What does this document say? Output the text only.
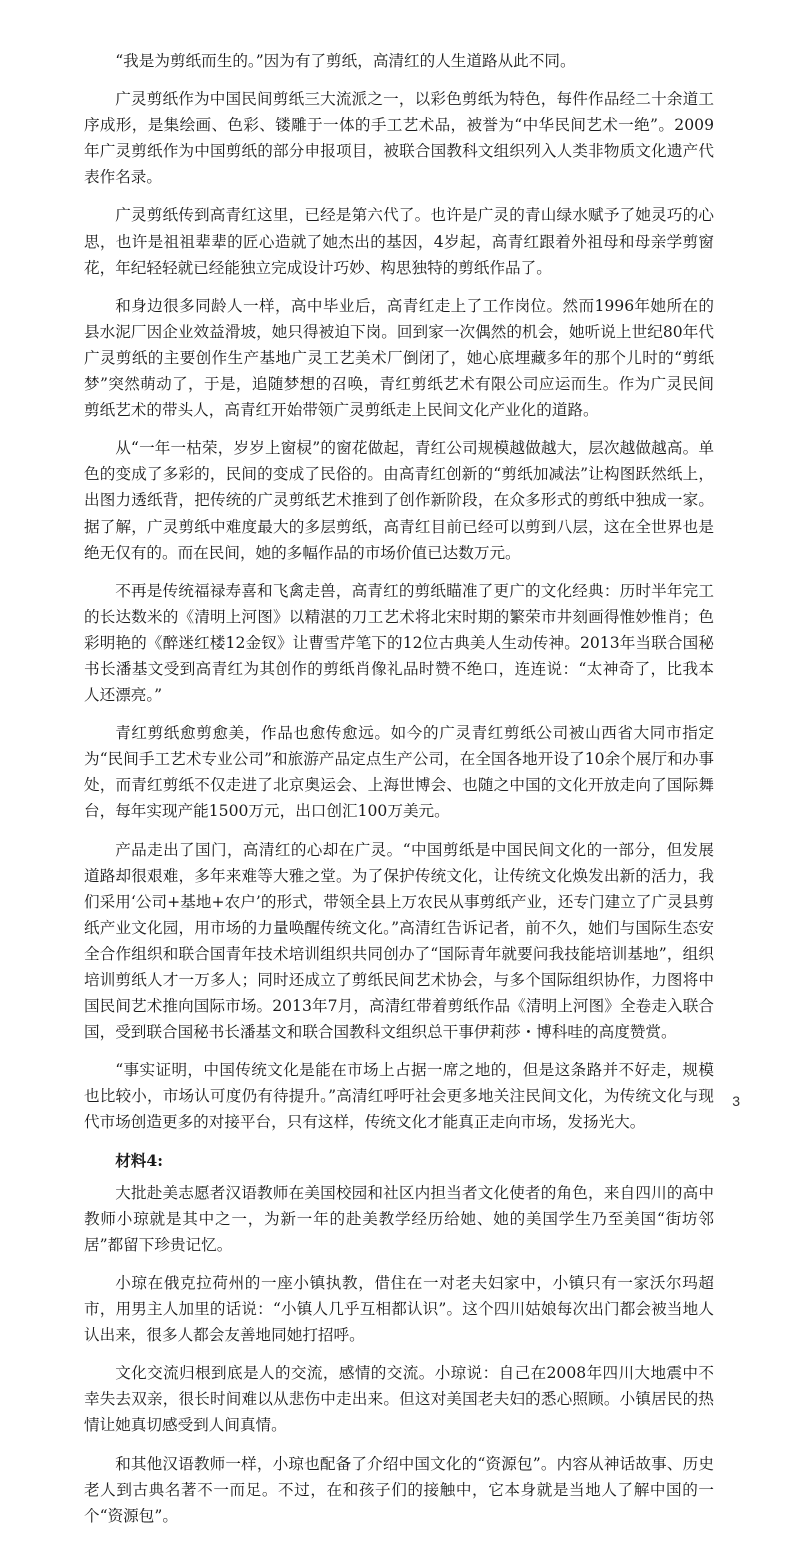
“我是为剪纸而生的。”因为有了剪纸，高清红的人生道路从此不同。

广灵剪纸作为中国民间剪纸三大流派之一，以彩色剪纸为特色，每件作品经二十余道工序成形，是集绘画、色彩、镂雕于一体的手工艺术品，被誉为“中华民间艺术一绝”。2009年广灵剪纸作为中国剪纸的部分申报项目，被联合国教科文组织列入人类非物质文化遗产代表作名录。

广灵剪纸传到高青红这里，已经是第六代了。也许是广灵的青山绿水赋予了她灵巧的心思，也许是祖祖辈辈的匠心造就了她杰出的基因，4岁起，高青红跟着外祖母和母亲学剪窗花，年纪轻轻就已经能独立完成设计巧妙、构思独特的剪纸作品了。

和身边很多同龄人一样，高中毕业后，高青红走上了工作岗位。然而1996年她所在的县水泥厂因企业效益滑坡，她只得被迫下岗。回到家一次偶然的机会，她听说上世纪80年代广灵剪纸的主要创作生产基地广灵工艺美术厂倒闭了，她心底埋藏多年的那个儿时的“剪纸梦”突然萌动了，于是，追随梦想的召唤，青红剪纸艺术有限公司应运而生。作为广灵民间剪纸艺术的带头人，高青红开始带领广灵剪纸走上民间文化产业化的道路。

从“一年一枯荣，岁岁上窗棂”的窗花做起，青红公司规模越做越大，层次越做越高。单色的变成了多彩的，民间的变成了民俗的。由高青红创新的“剪纸加减法”让构图跃然纸上，出图力透纸背，把传统的广灵剪纸艺术推到了创作新阶段，在众多形式的剪纸中独成一家。据了解，广灵剪纸中难度最大的多层剪纸，高青红目前已经可以剪到八层，这在全世界也是绝无仅有的。而在民间，她的多幅作品的市场价值已达数万元。

不再是传统福禄寿喜和飞禽走兽，高青红的剪纸瞄准了更广的文化经典：历时半年完工的长达数米的《清明上河图》以精湛的刀工艺术将北宋时期的繁荣市井刻画得惟妙惟肖；色彩明艳的《醉迷红楼12金钗》让曹雪芹笔下的12位古典美人生动传神。2013年当联合国秘书长潘基文受到高青红为其创作的剪纸肖像礼品时赞不绝口，连连说：“太神奇了，比我本人还漂亮。”

青红剪纸愈剪愈美，作品也愈传愈远。如今的广灵青红剪纸公司被山西省大同市指定为“民间手工艺术专业公司”和旅游产品定点生产公司，在全国各地开设了10余个展厅和办事处，而青红剪纸不仅走进了北京奥运会、上海世博会、也随之中国的文化开放走向了国际舞台，每年实现产能1500万元，出口创汇100万美元。

产品走出了国门，高清红的心却在广灵。“中国剪纸是中国民间文化的一部分，但发展道路却很艰难，多年来难等大雅之堂。为了保护传统文化，让传统文化焕发出新的活力，我们采用‘公司+基地+农户’的形式，带领全县上万农民从事剪纸产业，还专门建立了广灵县剪纸产业文化园，用市场的力量唤醒传统文化。”高清红告诉记者，前不久，她们与国际生态安全合作组织和联合国青年技术培训组织共同创办了“国际青年就要问我技能培训基地”，组织培训剪纸人才一万多人；同时还成立了剪纸民间艺术协会，与多个国际组织协作，力图将中国民间艺术推向国际市场。2013年7月，高清红带着剪纸作品《清明上河图》全卷走入联合国，受到联合国秘书长潘基文和联合国教科文组织总干事伊莉莎・博科哇的高度赞赏。

“事实证明，中国传统文化是能在市场上占据一席之地的，但是这条路并不好走，规模也比较小，市场认可度仍有待提升。”高清红呼吁社会更多地关注民间文化，为传统文化与现代市场创造更多的对接平台，只有这样，传统文化才能真正走向市场，发扬光大。

材料4:

大批赴美志愿者汉语教师在美国校园和社区内担当者文化使者的角色，来自四川的高中教师小琼就是其中之一，为新一年的赴美教学经历给她、她的美国学生乃至美国“街坊邻居”都留下珍贵记忆。

小琼在俄克拉荷州的一座小镇执教，借住在一对老夫妇家中，小镇只有一家沃尔玛超市，用男主人加里的话说：“小镇人几乎互相都认识”。这个四川姑娘每次出门都会被当地人认出来，很多人都会友善地同她打招呼。

文化交流归根到底是人的交流，感情的交流。小琼说：自己在2008年四川大地震中不幸失去双亲，很长时间难以从悲伤中走出来。但这对美国老夫妇的悉心照顾。小镇居民的热情让她真切感受到人间真情。

和其他汉语教师一样，小琼也配备了介绍中国文化的“资源包”。内容从神话故事、历史老人到古典名著不一而足。不过，在和孩子们的接触中，它本身就是当地人了解中国的一个“资源包”。

3
